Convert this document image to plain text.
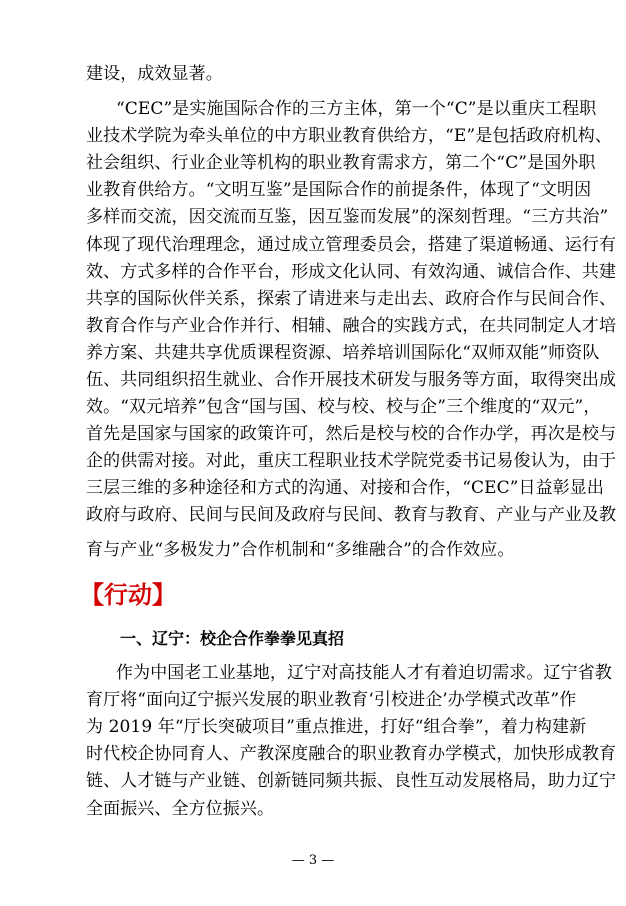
建设，成效显著。
“CEC”是实施国际合作的三方主体，第一个“C”是以重庆工程职
业技术学院为牵头单位的中方职业教育供给方，“E”是包括政府机构、
社会组织、行业企业等机构的职业教育需求方，第二个“C”是国外职
业教育供给方。“文明互鉴”是国际合作的前提条件，体现了“文明因
多样而交流，因交流而互鉴，因互鉴而发展”的深刻哲理。“三方共治”
体现了现代治理理念，通过成立管理委员会，搭建了渠道畅通、运行有
效、方式多样的合作平台，形成文化认同、有效沟通、诚信合作、共建
共享的国际伙伴关系，探索了请进来与走出去、政府合作与民间合作、
教育合作与产业合作并行、相辅、融合的实践方式，在共同制定人才培
养方案、共建共享优质课程资源、培养培训国际化“双师双能”师资队
伍、共同组织招生就业、合作开展技术研发与服务等方面，取得突出成
效。“双元培养”包含“国与国、校与校、校与企”三个维度的“双元”，
首先是国家与国家的政策许可，然后是校与校的合作办学，再次是校与
企的供需对接。对此，重庆工程职业技术学院党委书记易俊认为，由于
三层三维的多种途径和方式的沟通、对接和合作，“CEC”日益彰显出
政府与政府、民间与民间及政府与民间、教育与教育、产业与产业及教
育与产业“多极发力”合作机制和“多维融合”的合作效应。
【行动】
一、辽宁：校企合作拳拳见真招
作为中国老工业基地，辽宁对高技能人才有着迫切需求。辽宁省教
育厅将“面向辽宁振兴发展的职业教育‘引校进企’办学模式改革”作
为 2019 年“厅长突破项目”重点推进，打好“组合拳”，着力构建新
时代校企协同育人、产教深度融合的职业教育办学模式，加快形成教育
链、人才链与产业链、创新链同频共振、良性互动发展格局，助力辽宁
全面振兴、全方位振兴。
— 3 —
